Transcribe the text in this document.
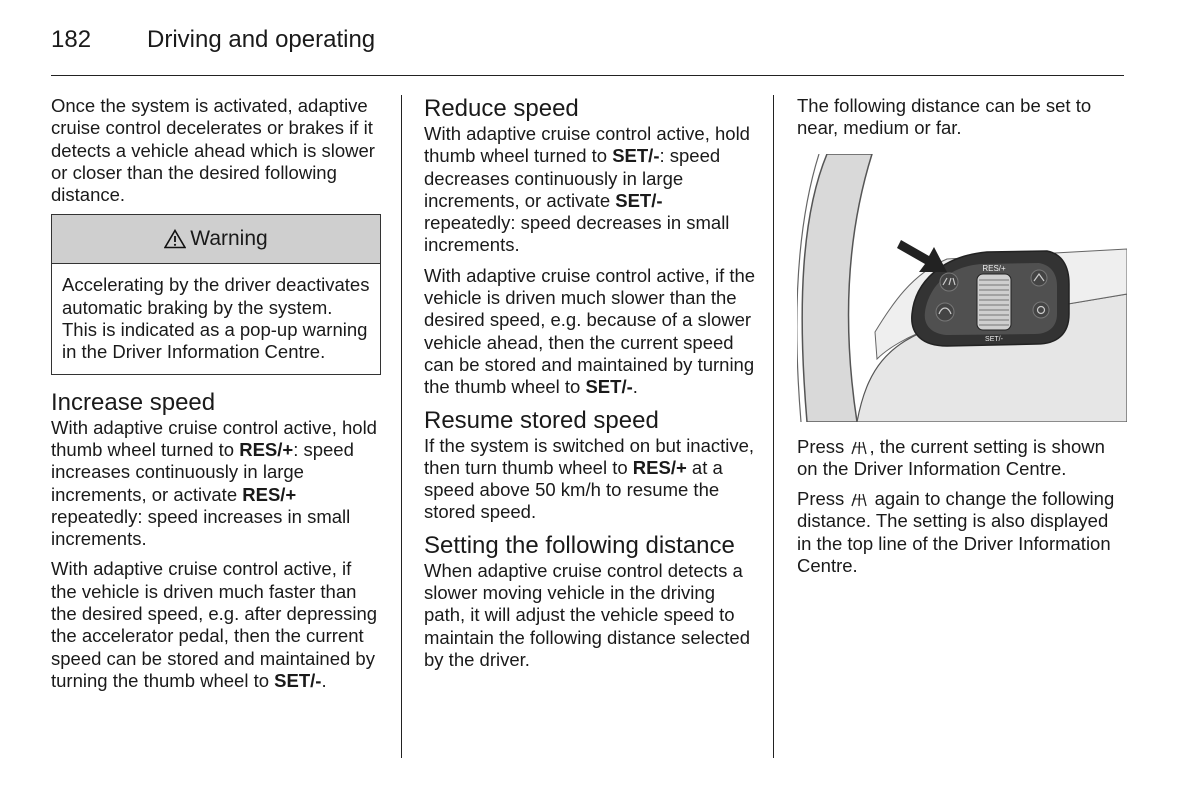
182	Driving and operating

Once the system is activated, adaptive cruise control decelerates or brakes if it detects a vehicle ahead which is slower or closer than the desired following distance.

Warning
Accelerating by the driver deactivates automatic braking by the system. This is indicated as a pop-up warning in the Driver Information Centre.
Increase speed

With adaptive cruise control active, hold thumb wheel turned to RES/+: speed increases continuously in large increments, or activate RES/+ repeatedly: speed increases in small increments.

With adaptive cruise control active, if the vehicle is driven much faster than the desired speed, e.g. after depressing the accelerator pedal, then the current speed can be stored and maintained by turning the thumb wheel to SET/-.

Reduce speed

With adaptive cruise control active, hold thumb wheel turned to SET/-: speed decreases continuously in large increments, or activate SET/- repeatedly: speed decreases in small increments.

With adaptive cruise control active, if the vehicle is driven much slower than the desired speed, e.g. because of a slower vehicle ahead, then the current speed can be stored and maintained by turning the thumb wheel to SET/-.

Resume stored speed

If the system is switched on but inactive, then turn thumb wheel to RES/+ at a speed above 50 km/h to resume the stored speed.

Setting the following distance

When adaptive cruise control detects a slower moving vehicle in the driving path, it will adjust the vehicle speed to maintain the following distance selected by the driver.

The following distance can be set to near, medium or far.

RES/+
SET/-

Press , the current setting is shown on the Driver Information Centre.

Press  again to change the following distance. The setting is also displayed in the top line of the Driver Information Centre.
